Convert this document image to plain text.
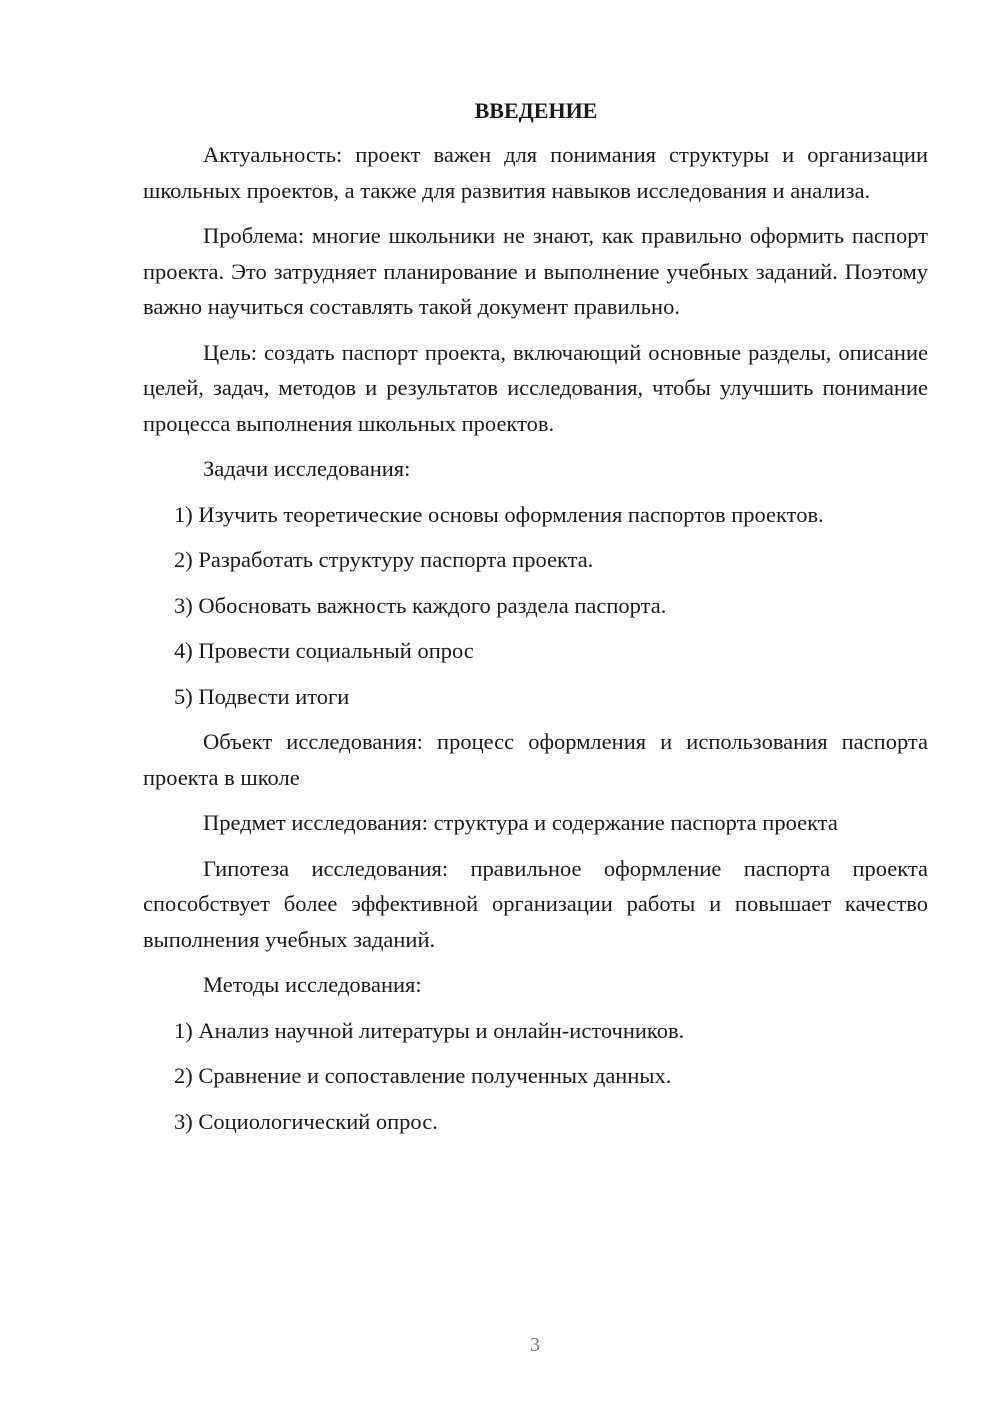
ВВЕДЕНИЕ

Актуальность: проект важен для понимания структуры и организации школьных проектов, а также для развития навыков исследования и анализа.

Проблема: многие школьники не знают, как правильно оформить паспорт проекта. Это затрудняет планирование и выполнение учебных заданий. Поэтому важно научиться составлять такой документ правильно.

Цель: создать паспорт проекта, включающий основные разделы, описание целей, задач, методов и результатов исследования, чтобы улучшить понимание процесса выполнения школьных проектов.

Задачи исследования:

1) Изучить теоретические основы оформления паспортов проектов.
2) Разработать структуру паспорта проекта.
3) Обосновать важность каждого раздела паспорта.
4) Провести социальный опрос
5) Подвести итоги

Объект исследования: процесс оформления и использования паспорта проекта в школе

Предмет исследования: структура и содержание паспорта проекта

Гипотеза исследования: правильное оформление паспорта проекта способствует более эффективной организации работы и повышает качество выполнения учебных заданий.

Методы исследования:

1) Анализ научной литературы и онлайн-источников.
2) Сравнение и сопоставление полученных данных.
3) Социологический опрос.
3
